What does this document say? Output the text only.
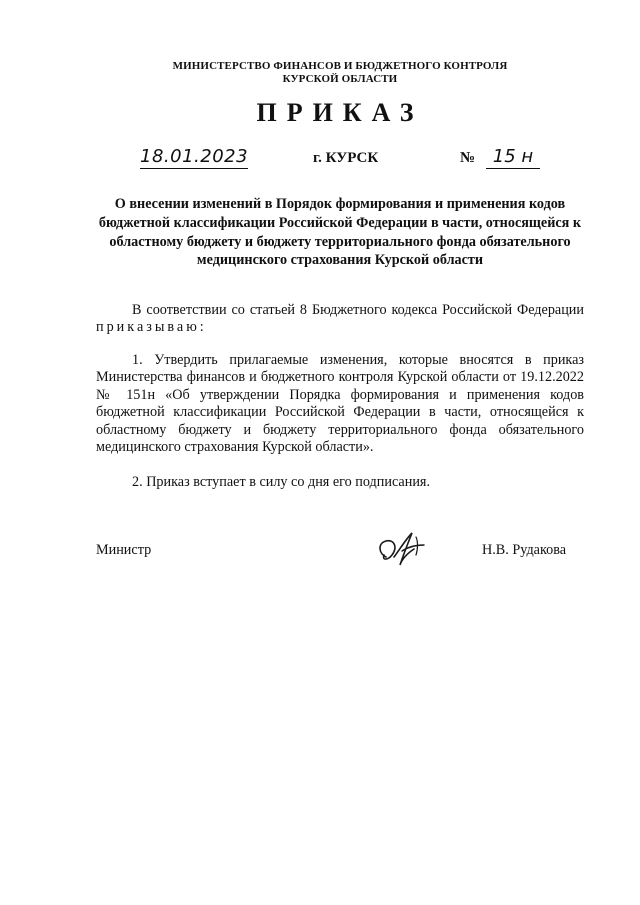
МИНИСТЕРСТВО ФИНАНСОВ И БЮДЖЕТНОГО КОНТРОЛЯ
КУРСКОЙ ОБЛАСТИ
ПРИКАЗ
18.01.2023	г. КУРСК	№ 15 н
О внесении изменений в Порядок формирования и применения кодов бюджетной классификации Российской Федерации в части, относящейся к областному бюджету и бюджету территориального фонда обязательного медицинского страхования Курской области
В соответствии со статьей 8 Бюджетного кодекса Российской Федерации приказываю:
1. Утвердить прилагаемые изменения, которые вносятся в приказ Министерства финансов и бюджетного контроля Курской области от 19.12.2022 № 151н «Об утверждении Порядка формирования и применения кодов бюджетной классификации Российской Федерации в части, относящейся к областному бюджету и бюджету территориального фонда обязательного медицинского страхования Курской области».
2. Приказ вступает в силу со дня его подписания.
Министр	Н.В. Рудакова
